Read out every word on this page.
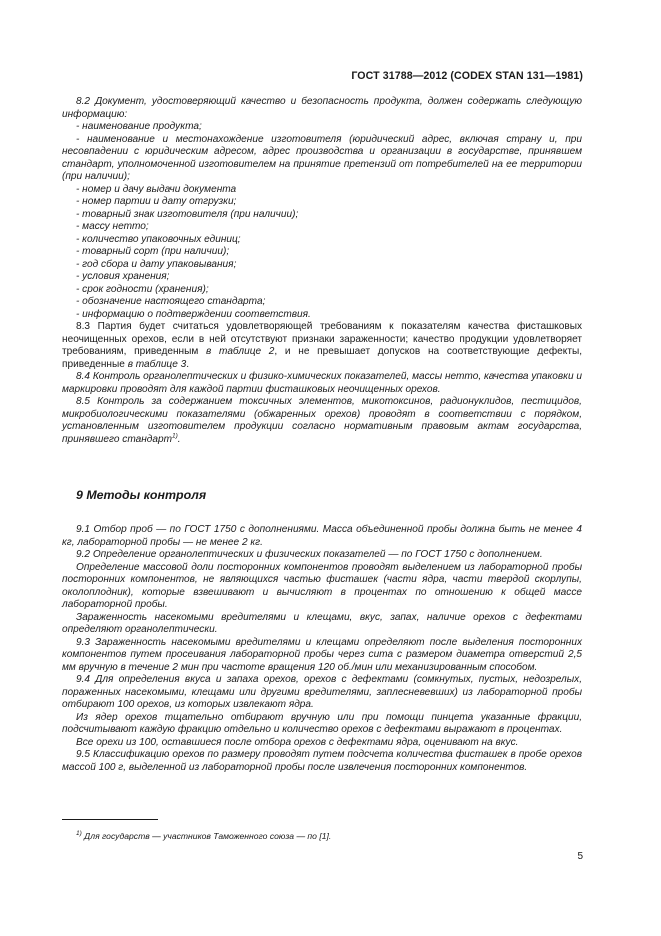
ГОСТ 31788—2012 (CODEX STAN 131—1981)

8.2 Документ, удостоверяющий качество и безопасность продукта, должен содержать следующую информацию:

- наименование продукта;

- наименование и местонахождение изготовителя (юридический адрес, включая страну и, при несовпадении с юридическим адресом, адрес производства и организации в государстве, принявшем стандарт, уполномоченной изготовителем на принятие претензий от потребителей на ее территории (при наличии);

- номер и дачу выдачи документа

- номер партии и дату отгрузки;

- товарный знак изготовителя (при наличии);

- массу нетто;

- количество упаковочных единиц;

- товарный сорт (при наличии);

- год сбора и дату упаковывания;

- условия хранения;

- срок годности (хранения);

- обозначение настоящего стандарта;

- информацию о подтверждении соответствия.

8.3 Партия будет считаться удовлетворяющей требованиям к показателям качества фисташковых неочищенных орехов, если в ней отсутствуют признаки зараженности; качество продукции удовлетворяет требованиям, приведенным в таблице 2, и не превышает допусков на соответствующие дефекты, приведенные в таблице 3.

8.4 Контроль органолептических и физико-химических показателей, массы нетто, качества упаковки и маркировки проводят для каждой партии фисташковых неочищенных орехов.

8.5 Контроль за содержанием токсичных элементов, микотоксинов, радионуклидов, пестицидов, микробиологическими показателями (обжаренных орехов) проводят в соответствии с порядком, установленным изготовителем продукции согласно нормативным правовым актам государства, принявшего стандарт$^{1)}$.

9 Методы контроля

9.1 Отбор проб — по ГОСТ 1750 с дополнениями. Масса объединенной пробы должна быть не менее 4 кг, лабораторной пробы — не менее 2 кг.

9.2 Определение органолептических и физических показателей — по ГОСТ 1750 с дополнением.

Определение массовой доли посторонних компонентов проводят выделением из лабораторной пробы посторонних компонентов, не являющихся частью фисташек (части ядра, части твердой скорлупы, околоплодник), которые взвешивают и вычисляют в процентах по отношению к общей массе лабораторной пробы.

Зараженность насекомыми вредителями и клещами, вкус, запах, наличие орехов с дефектами определяют органолептически.

9.3 Зараженность насекомыми вредителями и клещами определяют после выделения посторонних компонентов путем просеивания лабораторной пробы через сита с размером диаметра отверстий 2,5 мм вручную в течение 2 мин при частоте вращения 120 об./мин или механизированным способом.

9.4 Для определения вкуса и запаха орехов, орехов с дефектами (сомкнутых, пустых, недозрелых, пораженных насекомыми, клещами или другими вредителями, заплесневевших) из лабораторной пробы отбирают 100 орехов, из которых извлекают ядра.

Из ядер орехов тщательно отбирают вручную или при помощи пинцета указанные фракции, подсчитывают каждую фракцию отдельно и количество орехов с дефектами выражают в процентах.

Все орехи из 100, оставшиеся после отбора орехов с дефектами ядра, оценивают на вкус.

9.5 Классификацию орехов по размеру проводят путем подсчета количества фисташек в пробе орехов массой 100 г, выделенной из лабораторной пробы после извлечения посторонних компонентов.

$^{1)}$ Для государств — участников Таможенного союза — по [1].
5
